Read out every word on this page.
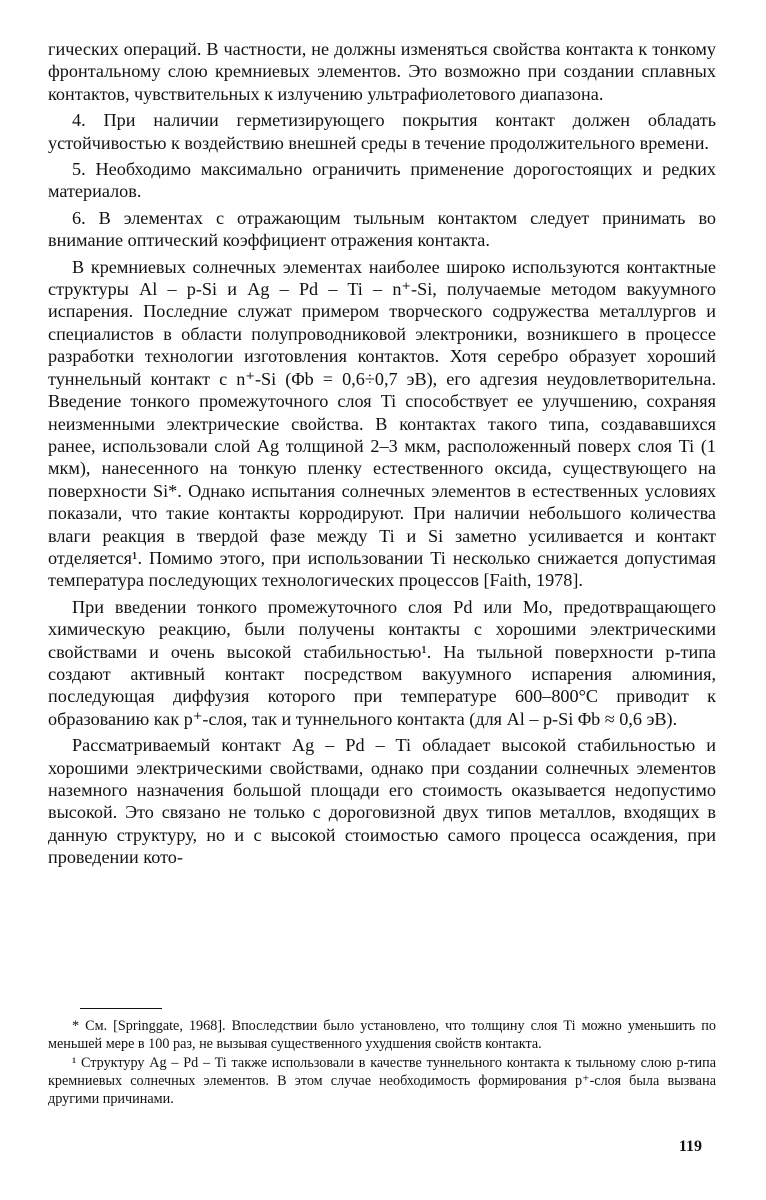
гических операций. В частности, не должны изменяться свойства контакта к тонкому фронтальному слою кремниевых элементов. Это возможно при создании сплавных контактов, чувствительных к излучению ультрафиолетового диапазона.

4. При наличии герметизирующего покрытия контакт должен обладать устойчивостью к воздействию внешней среды в течение продолжительного времени.

5. Необходимо максимально ограничить применение дорогостоящих и редких материалов.

6. В элементах с отражающим тыльным контактом следует принимать во внимание оптический коэффициент отражения контакта.

В кремниевых солнечных элементах наиболее широко используются контактные структуры Al – p-Si и Ag – Pd – Ti – n⁺-Si, получаемые методом вакуумного испарения. Последние служат примером творческого содружества металлургов и специалистов в области полупроводниковой электроники, возникшего в процессе разработки технологии изготовления контактов. Хотя серебро образует хороший туннельный контакт с n⁺-Si (Φb = 0,6÷0,7 эВ), его адгезия неудовлетворительна. Введение тонкого промежуточного слоя Ti способствует ее улучшению, сохраняя неизменными электрические свойства. В контактах такого типа, создававшихся ранее, использовали слой Ag толщиной 2–3 мкм, расположенный поверх слоя Ti (1 мкм), нанесенного на тонкую пленку естественного оксида, существующего на поверхности Si*. Однако испытания солнечных элементов в естественных условиях показали, что такие контакты корродируют. При наличии небольшого количества влаги реакция в твердой фазе между Ti и Si заметно усиливается и контакт отделяется¹. Помимо этого, при использовании Ti несколько снижается допустимая температура последующих технологических процессов [Faith, 1978].

При введении тонкого промежуточного слоя Pd или Mo, предотвращающего химическую реакцию, были получены контакты с хорошими электрическими свойствами и очень высокой стабильностью¹. На тыльной поверхности p-типа создают активный контакт посредством вакуумного испарения алюминия, последующая диффузия которого при температуре 600–800°C приводит к образованию как p⁺-слоя, так и туннельного контакта (для Al – p-Si Φb ≈ 0,6 эВ).

Рассматриваемый контакт Ag – Pd – Ti обладает высокой стабильностью и хорошими электрическими свойствами, однако при создании солнечных элементов наземного назначения большой площади его стоимость оказывается недопустимо высокой. Это связано не только с дороговизной двух типов металлов, входящих в данную структуру, но и с высокой стоимостью самого процесса осаждения, при проведении кото-

* См. [Springgate, 1968]. Впоследствии было установлено, что толщину слоя Ti можно уменьшить по меньшей мере в 100 раз, не вызывая существенного ухудшения свойств контакта.

¹ Структуру Ag – Pd – Ti также использовали в качестве туннельного контакта к тыльному слою p-типа кремниевых солнечных элементов. В этом случае необходимость формирования p⁺-слоя была вызвана другими причинами.

119
